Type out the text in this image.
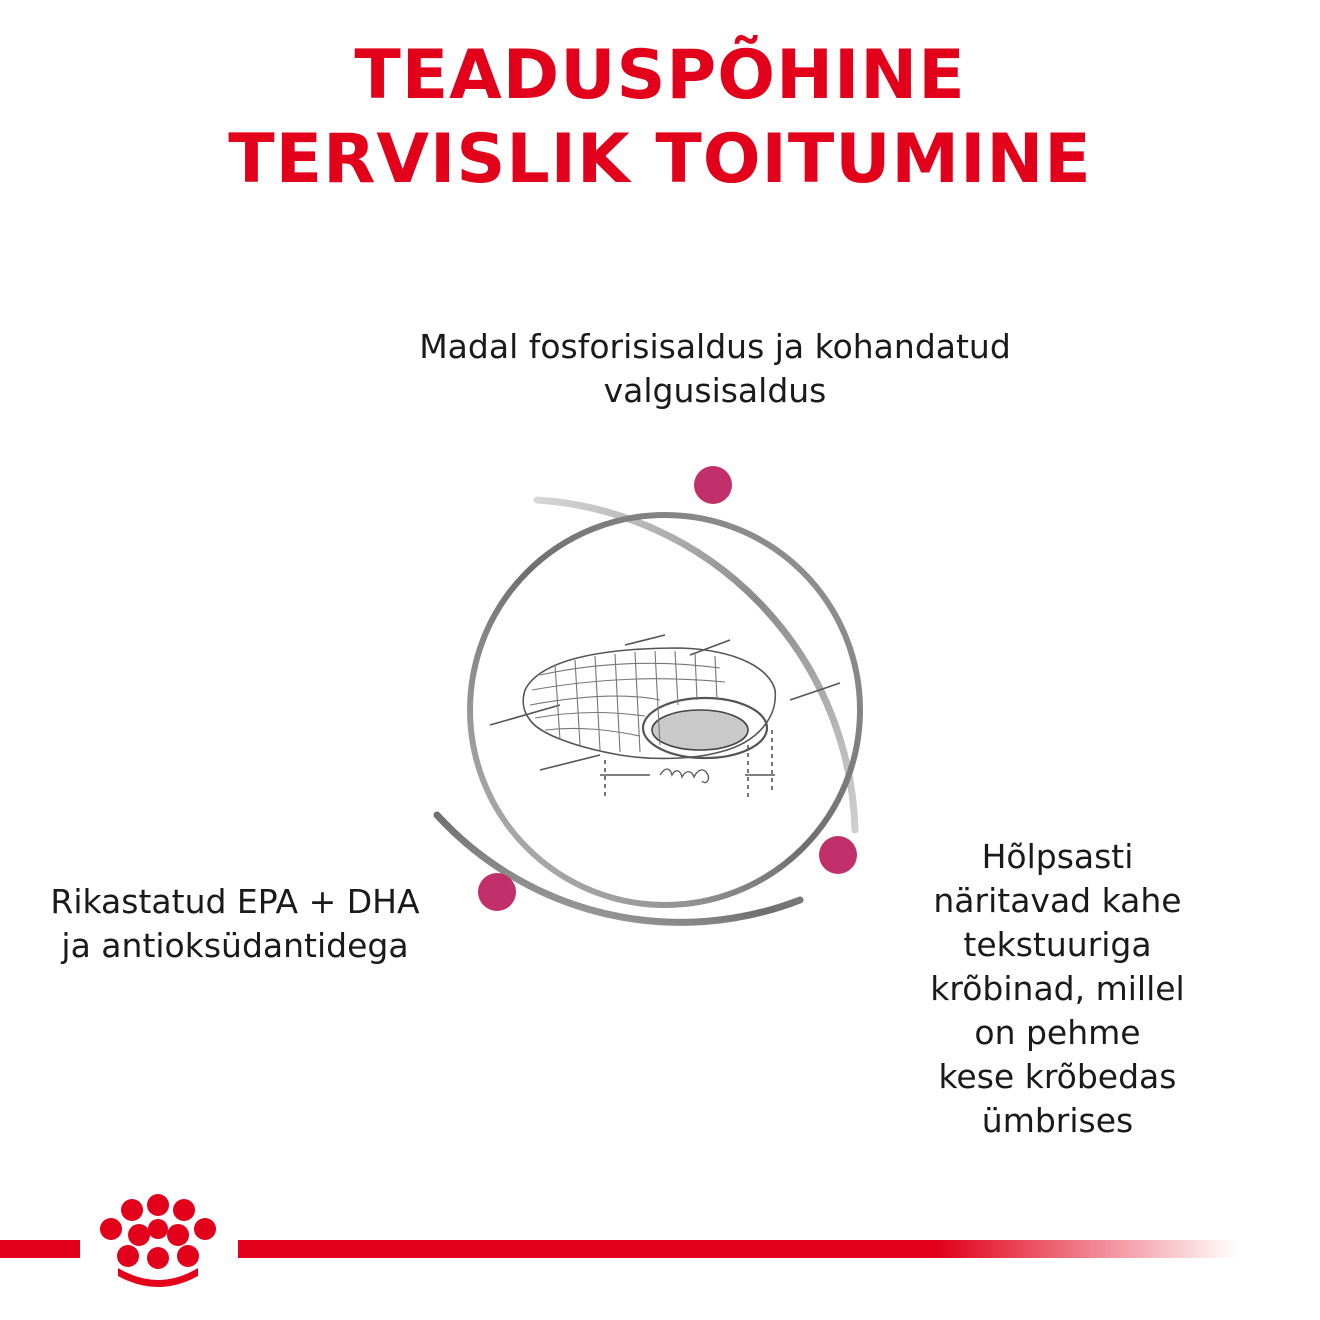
TEADUSPÕHINE
TERVISLIK TOITUMINE
Madal fosforisisaldus ja kohandatud
valgusisaldus
Rikastatud EPA + DHA
ja antioksüdantidega
Hõlpsasti
näritavad kahe
tekstuuriga
krõbinad, millel
on pehme
kese krõbedas
ümbrises
